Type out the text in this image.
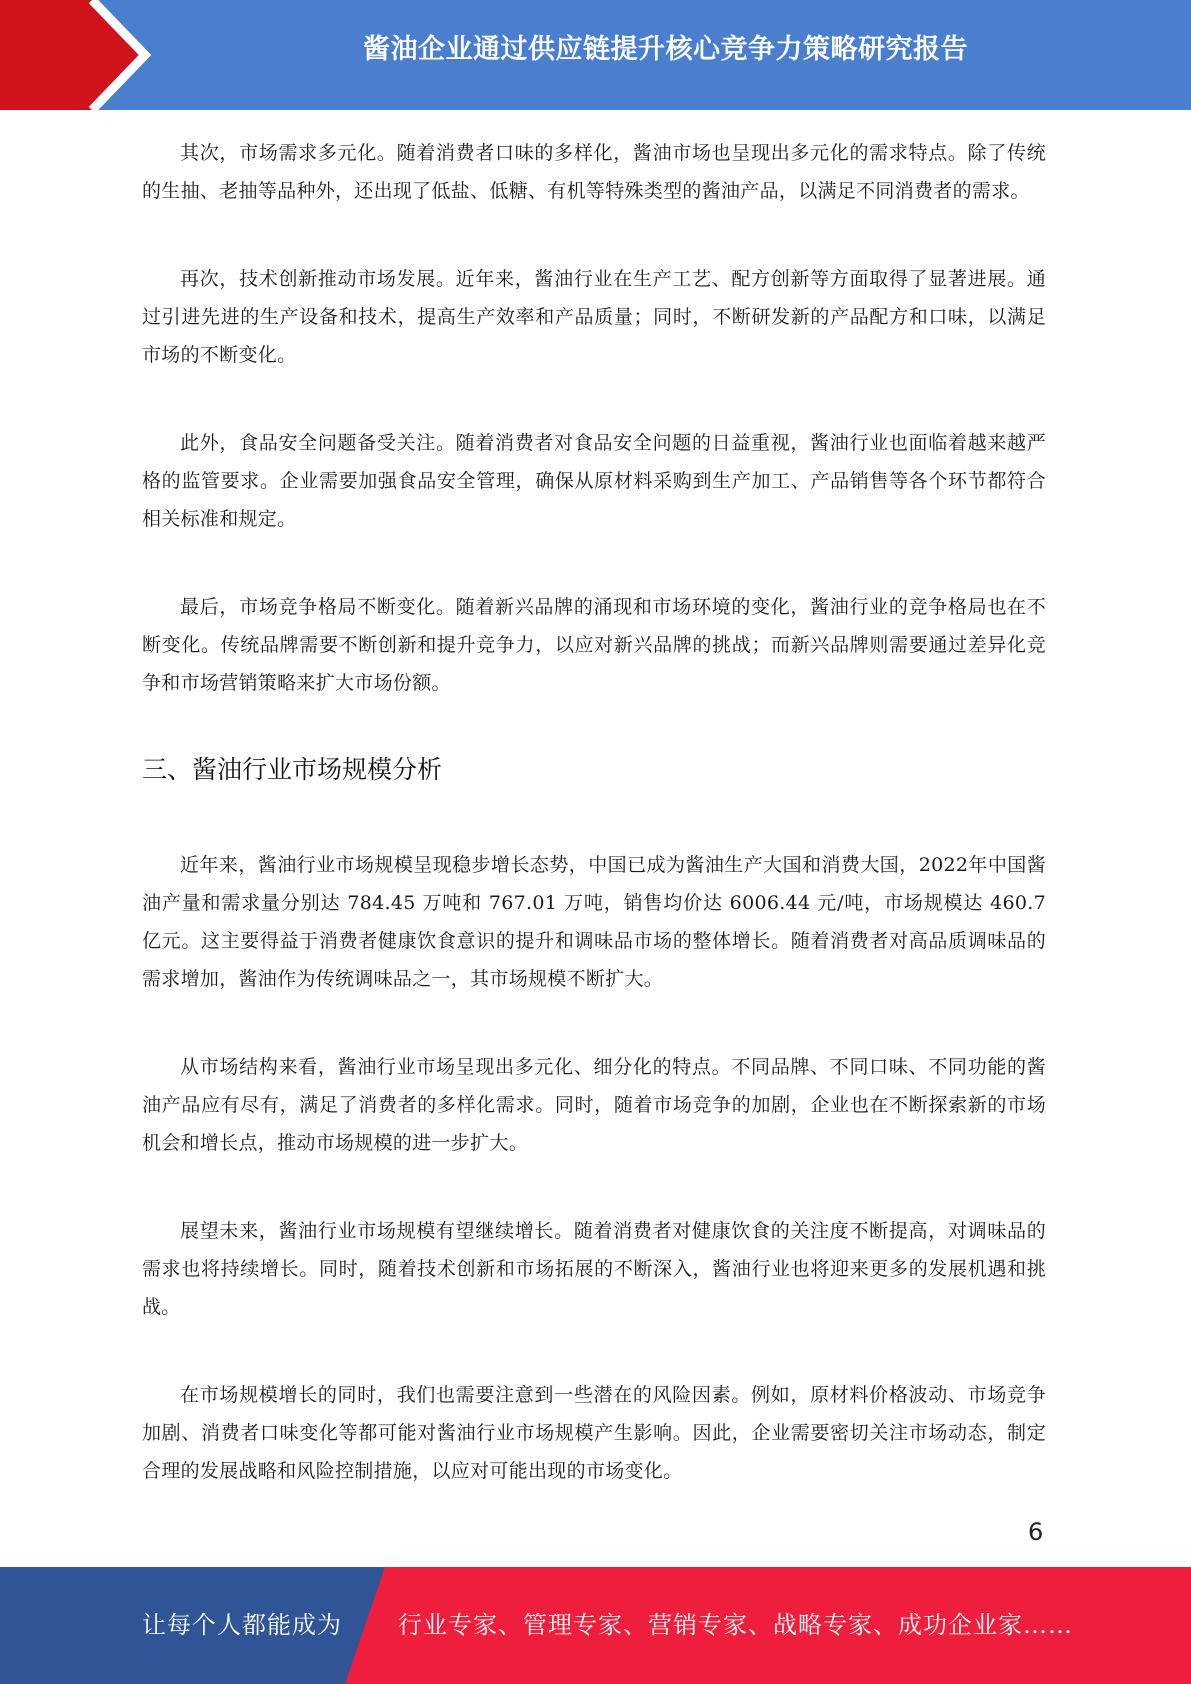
酱油企业通过供应链提升核心竞争力策略研究报告

其次，市场需求多元化。随着消费者口味的多样化，酱油市场也呈现出多元化的需求特点。除了传统的生抽、老抽等品种外，还出现了低盐、低糖、有机等特殊类型的酱油产品，以满足不同消费者的需求。

再次，技术创新推动市场发展。近年来，酱油行业在生产工艺、配方创新等方面取得了显著进展。通过引进先进的生产设备和技术，提高生产效率和产品质量；同时，不断研发新的产品配方和口味，以满足市场的不断变化。

此外，食品安全问题备受关注。随着消费者对食品安全问题的日益重视，酱油行业也面临着越来越严格的监管要求。企业需要加强食品安全管理，确保从原材料采购到生产加工、产品销售等各个环节都符合相关标准和规定。

最后，市场竞争格局不断变化。随着新兴品牌的涌现和市场环境的变化，酱油行业的竞争格局也在不断变化。传统品牌需要不断创新和提升竞争力，以应对新兴品牌的挑战；而新兴品牌则需要通过差异化竞争和市场营销策略来扩大市场份额。

三、酱油行业市场规模分析

近年来，酱油行业市场规模呈现稳步增长态势，中国已成为酱油生产大国和消费大国，2022年中国酱油产量和需求量分别达 784.45 万吨和 767.01 万吨，销售均价达 6006.44 元/吨，市场规模达 460.7 亿元。这主要得益于消费者健康饮食意识的提升和调味品市场的整体增长。随着消费者对高品质调味品的需求增加，酱油作为传统调味品之一，其市场规模不断扩大。

从市场结构来看，酱油行业市场呈现出多元化、细分化的特点。不同品牌、不同口味、不同功能的酱油产品应有尽有，满足了消费者的多样化需求。同时，随着市场竞争的加剧，企业也在不断探索新的市场机会和增长点，推动市场规模的进一步扩大。

展望未来，酱油行业市场规模有望继续增长。随着消费者对健康饮食的关注度不断提高，对调味品的需求也将持续增长。同时，随着技术创新和市场拓展的不断深入，酱油行业也将迎来更多的发展机遇和挑战。

在市场规模增长的同时，我们也需要注意到一些潜在的风险因素。例如，原材料价格波动、市场竞争加剧、消费者口味变化等都可能对酱油行业市场规模产生影响。因此，企业需要密切关注市场动态，制定合理的发展战略和风险控制措施，以应对可能出现的市场变化。

6
让每个人都能成为 行业专家、管理专家、营销专家、战略专家、成功企业家……
